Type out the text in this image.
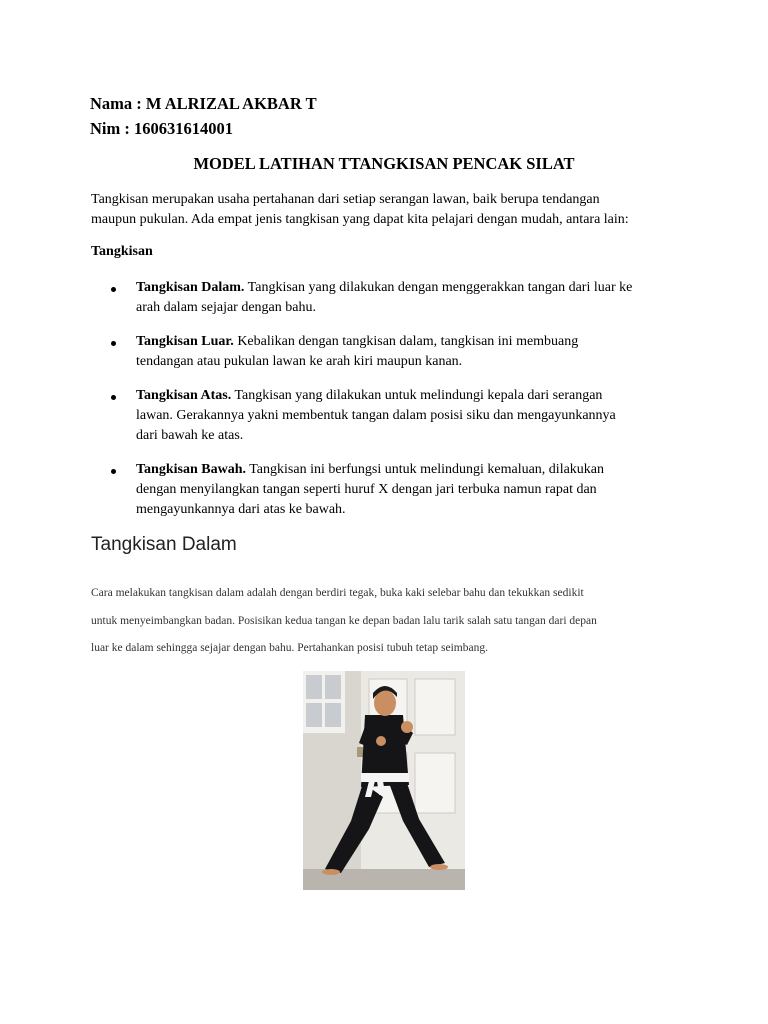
Nama : M ALRIZAL AKBAR T
Nim : 160631614001
MODEL LATIHAN TTANGKISAN PENCAK SILAT
Tangkisan merupakan usaha pertahanan dari setiap serangan lawan, baik berupa tendangan
maupun pukulan. Ada empat jenis tangkisan yang dapat kita pelajari dengan mudah, antara lain:
Tangkisan
Tangkisan Dalam. Tangkisan yang dilakukan dengan menggerakkan tangan dari luar ke
arah dalam sejajar dengan bahu.
Tangkisan Luar. Kebalikan dengan tangkisan dalam, tangkisan ini membuang
tendangan atau pukulan lawan ke arah kiri maupun kanan.
Tangkisan Atas. Tangkisan yang dilakukan untuk melindungi kepala dari serangan
lawan. Gerakannya yakni membentuk tangan dalam posisi siku dan mengayunkannya
dari bawah ke atas.
Tangkisan Bawah. Tangkisan ini berfungsi untuk melindungi kemaluan, dilakukan
dengan menyilangkan tangan seperti huruf X dengan jari terbuka namun rapat dan
mengayunkannya dari atas ke bawah.
Tangkisan Dalam
Cara melakukan tangkisan dalam adalah dengan berdiri tegak, buka kaki selebar bahu dan tekukkan sedikit
untuk menyeimbangkan badan. Posisikan kedua tangan ke depan badan lalu tarik salah satu tangan dari depan
luar ke dalam sehingga sejajar dengan bahu. Pertahankan posisi tubuh tetap seimbang.
